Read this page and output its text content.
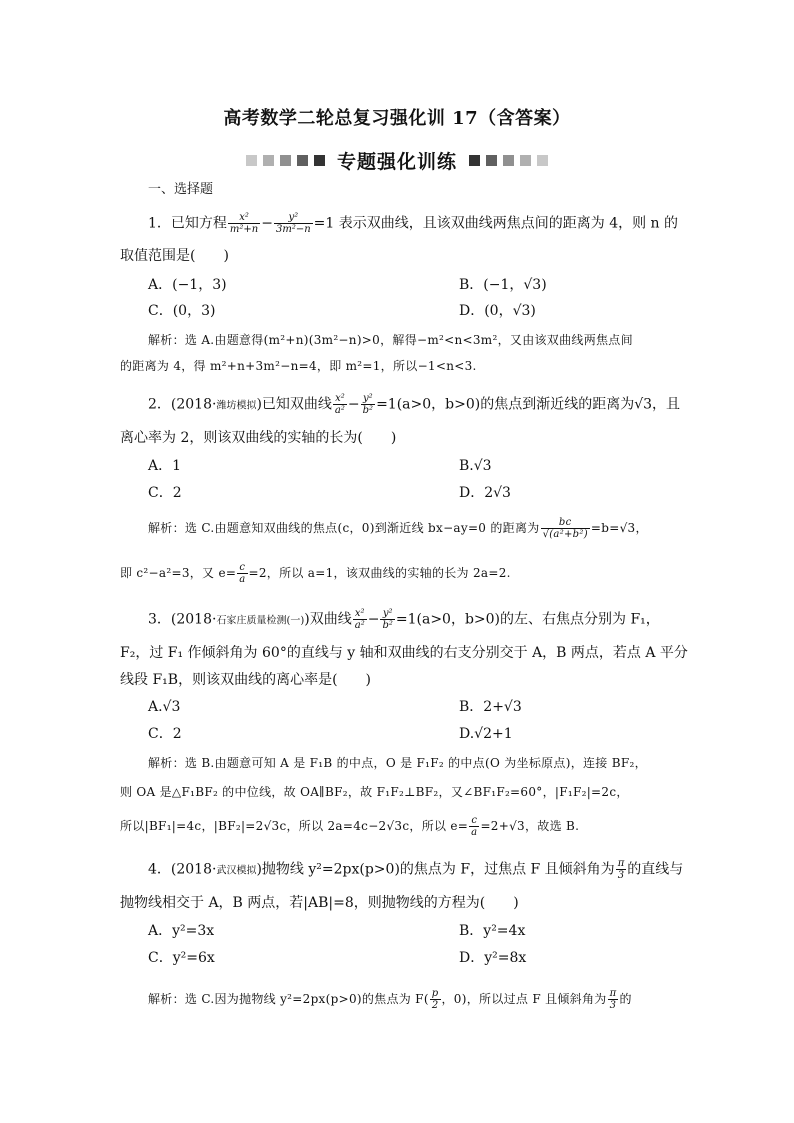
高考数学二轮总复习强化训 17（含答案）
专题强化训练
一、选择题
1．已知方程 $\frac{\text{x²}}{\text{m²+n}} - \frac{\text{y²}}{\text{3m²−n}} =1$ 表示双曲线，且该双曲线两焦点间的距离为 4，则 n 的
取值范围是(　　)
A．(−1，3)	B．(−1，√3)
C．(0，3)	D．(0，√3)
解析：选 A.由题意得(m²+n)(3m²−n)>0，解得−m²<n<3m²，又由该双曲线两焦点间
的距离为 4，得 m²+n+3m²−n=4，即 m²=1，所以−1<n<3.
2．(2018·潍坊模拟)已知双曲线 $\frac{\text{x²}}{\text{a²}} - \frac{\text{y²}}{\text{b²}} =1(a>0$，b>0)的焦点到渐近线的距离为√3，且
离心率为 2，则该双曲线的实轴的长为(　　)
A．1	B.√3
C．2	D．2√3
解析：选 C.由题意知双曲线的焦点(c，0)到渐近线 bx−ay=0 的距离为 $\frac{bc}{\text{√(a²+b²)}} =b=√3$，
即 c²−a²=3，又 $e= \frac{c}{a} =2$，所以 a=1，该双曲线的实轴的长为 2a=2.
3．(2018·石家庄质量检测(一))双曲线 $\frac{\text{x²}}{\text{a²}} - \frac{\text{y²}}{\text{b²}} =1(a>0$，b>0)的左、右焦点分别为 F₁，
F₂，过 F₁ 作倾斜角为 60°的直线与 y 轴和双曲线的右支分别交于 A，B 两点，若点 A 平分
线段 F₁B，则该双曲线的离心率是(　　)
A.√3	B．2+√3
C．2	D.√2+1
解析：选 B.由题意可知 A 是 F₁B 的中点，O 是 F₁F₂ 的中点(O 为坐标原点)，连接 BF₂，
则 OA 是△F₁BF₂ 的中位线，故 OA∥BF₂，故 F₁F₂⊥BF₂，又∠BF₁F₂=60°，|F₁F₂|=2c，
所以|BF₁|=4c，|BF₂|=2√3c，所以 2a=4c−2√3c，所以 $e= \frac{c}{a} =2+√3$，故选 B.
4．(2018·武汉模拟)抛物线 y²=2px(p>0)的焦点为 F，过焦点 F 且倾斜角为 $\frac{\pi}{3}$ 的直线与
抛物线相交于 A，B 两点，若|AB|=8，则抛物线的方程为(　　)
A．y²=3x	B．y²=4x
C．y²=6x	D．y²=8x
解析：选 C.因为抛物线 y²=2px(p>0)的焦点为 $F( \frac{p}{2}$ ，0)，所以过点 F 且倾斜角为 $\frac{\pi}{3}$ 的
